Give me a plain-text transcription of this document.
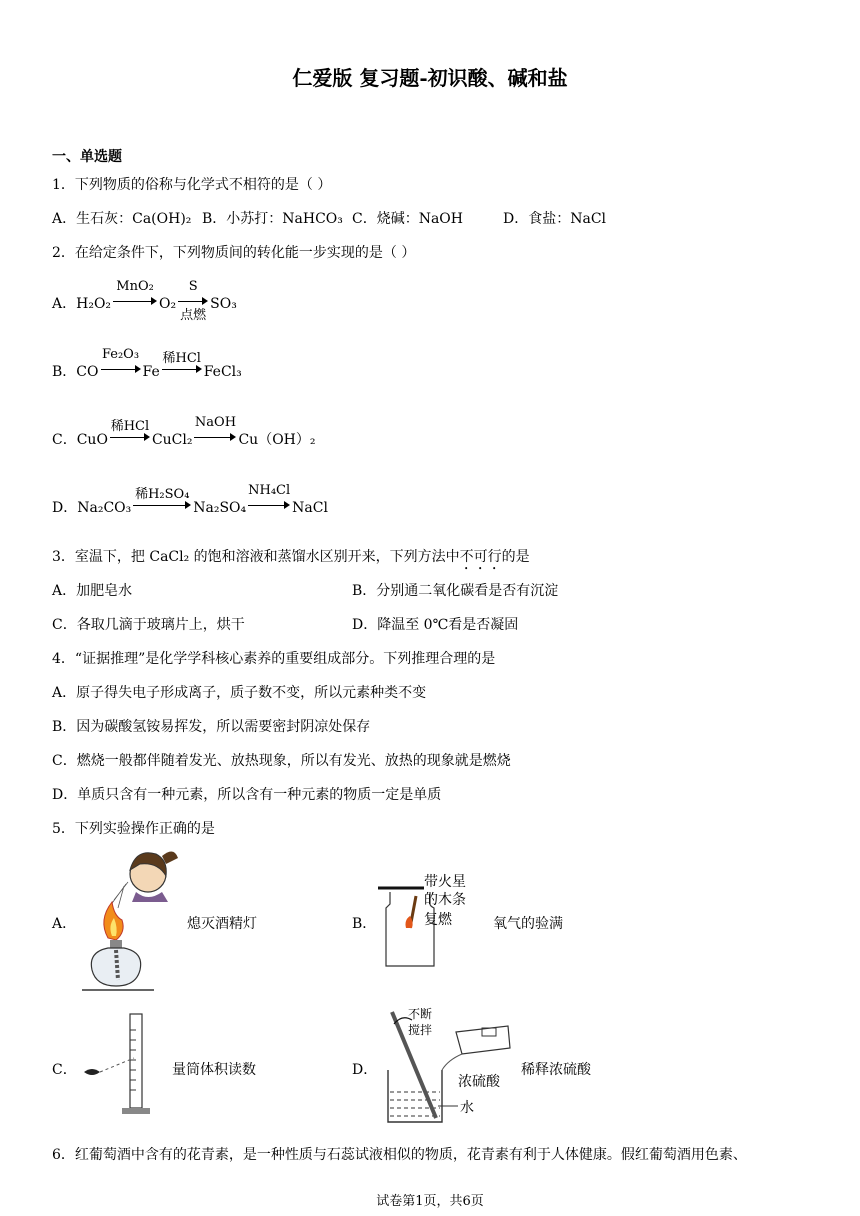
仁爱版 复习题-初识酸、碱和盐
一、单选题
1．下列物质的俗称与化学式不相符的是（ ）
A．生石灰：Ca(OH)₂ B．小苏打：NaHCO₃ C．烧碱：NaOH	D．食盐：NaCl
2．在给定条件下，下列物质间的转化能一步实现的是（ ）
A．H₂O₂
MnO₂
O₂
S
点燃
SO₃
B．CO
Fe₂O₃
Fe
稀HCl
FeCl₃
C．CuO
稀HCl
CuCl₂
NaOH
Cu（OH）₂
D．Na₂CO₃
稀H₂SO₄
Na₂SO₄
NH₄Cl
NaCl
3．室温下，把 CaCl₂ 的饱和溶液和蒸馏水区别开来，下列方法中不可行的是
A．加肥皂水	B．分别通二氧化碳看是否有沉淀
C．各取几滴于玻璃片上，烘干	D．降温至 0℃看是否凝固
4．“证据推理”是化学学科核心素养的重要组成部分。下列推理合理的是
A．原子得失电子形成离子，质子数不变，所以元素种类不变
B．因为碳酸氢铵易挥发，所以需要密封阴凉处保存
C．燃烧一般都伴随着发光、放热现象，所以有发光、放热的现象就是燃烧
D．单质只含有一种元素，所以含有一种元素的物质一定是单质
5．下列实验操作正确的是
A．	熄灭酒精灯	B．
带火星
的木条
复燃	氧气的验满
C．	量筒体积读数	D．
不断
搅拌
浓硫酸
水
稀释浓硫酸
6．红葡萄酒中含有的花青素，是一种性质与石蕊试液相似的物质，花青素有利于人体健康。假红葡萄酒用色素、
试卷第1页，共6页
